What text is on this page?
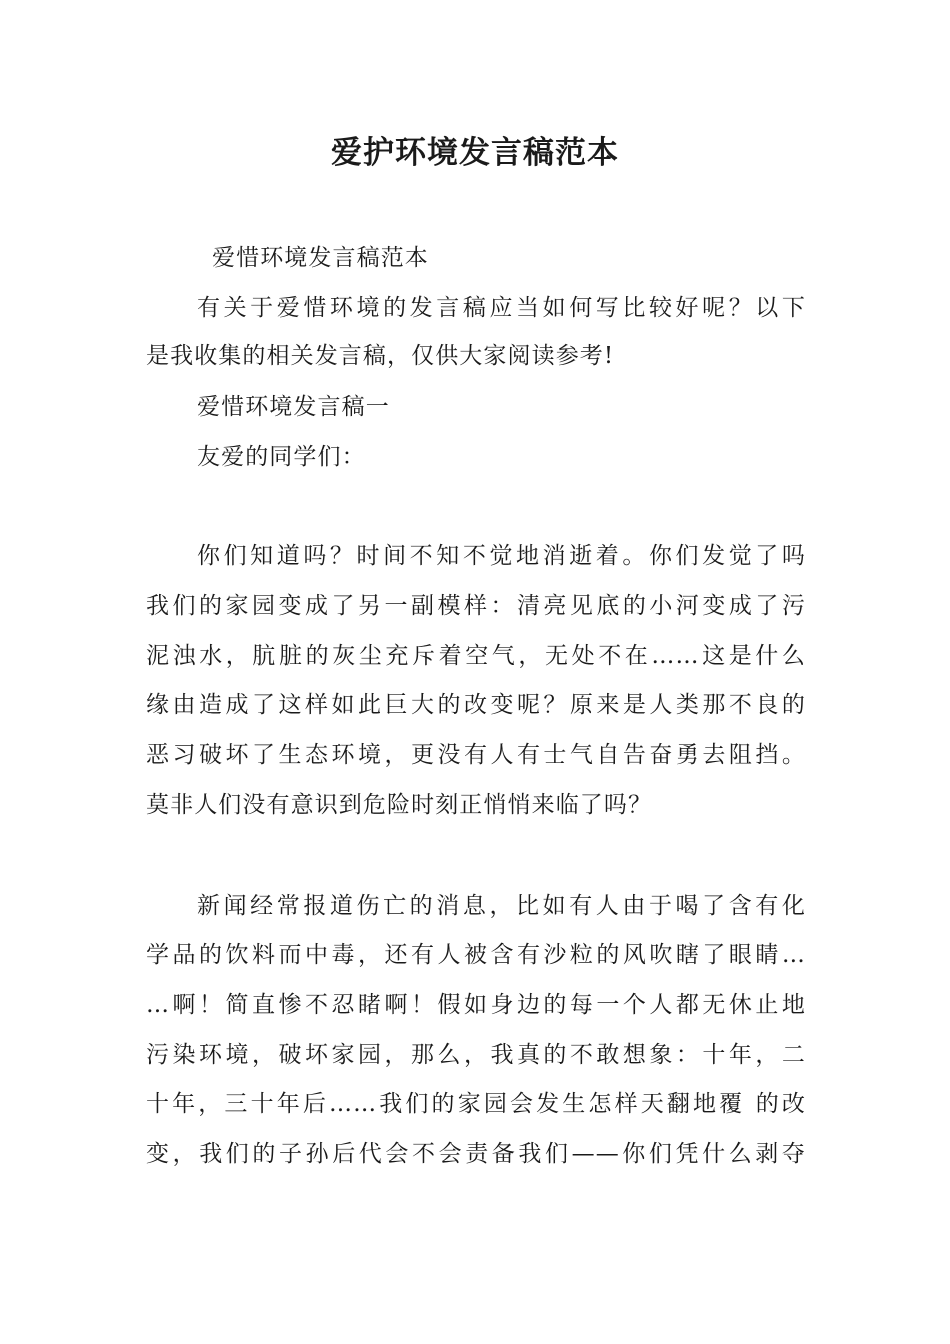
爱护环境发言稿范本
爱惜环境发言稿范本
有关于爱惜环境的发言稿应当如何写比较好呢？以下
是我收集的相关发言稿，仅供大家阅读参考!
爱惜环境发言稿一
友爱的同学们：
你们知道吗？时间不知不觉地消逝着。你们发觉了吗
我们的家园变成了另一副模样：清亮见底的小河变成了污
泥浊水，肮脏的灰尘充斥着空气，无处不在……这是什么
缘由造成了这样如此巨大的改变呢？原来是人类那不良的
恶习破坏了生态环境，更没有人有士气自告奋勇去阻挡。
莫非人们没有意识到危险时刻正悄悄来临了吗？
新闻经常报道伤亡的消息，比如有人由于喝了含有化
学品的饮料而中毒，还有人被含有沙粒的风吹瞎了眼睛…
…啊！简直惨不忍睹啊！假如身边的每一个人都无休止地
污染环境，破坏家园，那么，我真的不敢想象：十年，二
十年，三十年后……我们的家园会发生怎样天翻地覆 的改
变，我们的子孙后代会不会责备我们——你们凭什么剥夺
